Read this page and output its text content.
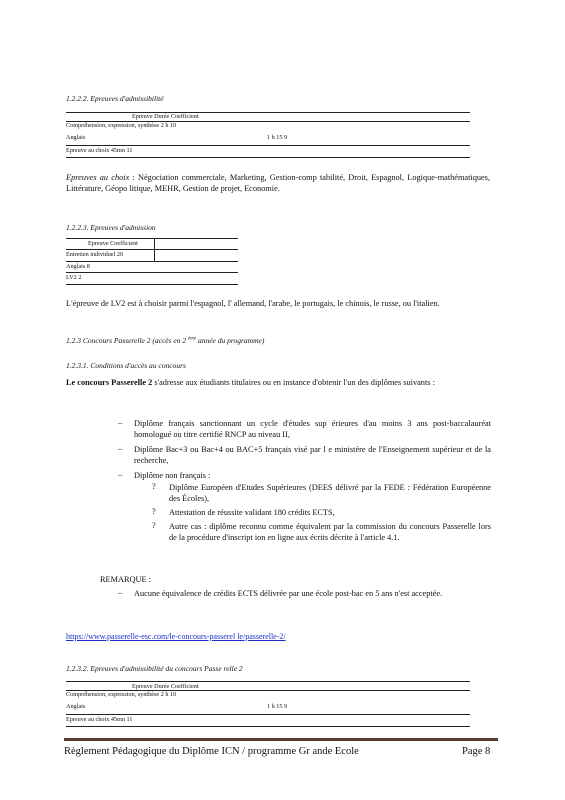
1.2.2.2. Epreuves d'admissibilité
Epreuve Durée Coefficient
Compréhension, expression, synthèse 2 h 10
Anglais	1 h 15 9
Epreuve au choix 45mn 11
Epreuves au choix : Négociation commerciale, Marketing, Gestion-comp tabilité, Droit, Espagnol, Logique-mathématiques, Littérature, Géopo litique, MEHR, Gestion de projet, Economie.
1.2.2.3. Epreuves d'admission
Epreuve Coefficient
Entretien individuel 20
Anglais 8
LV2 2
L'épreuve de LV2 est à choisir parmi l'espagnol, l' allemand, l'arabe, le portugais, le chinois, le russe, ou l'italien.
1.2.3 Concours Passerelle 2 (accès en 2 $^{ème}$ année du programme)
1.2.3.1. Conditions d'accès au concours
Le concours Passerelle 2 s'adresse aux étudiants titulaires ou en instance d'obtenir l'un des diplômes suivants :
– Diplôme français sanctionnant un cycle d'études sup érieures d'au moins 3 ans post-baccalauréat homologué ou titre certifié RNCP au niveau II,
– Diplôme Bac+3 ou Bac+4 ou BAC+5 français visé par l e ministère de l'Enseignement supérieur et de la recherche,
– Diplôme non français :
? Diplôme Européen d'Etudes Supérieures (DEES délivré par la FEDE : Fédération Européenne des Écoles),
? Attestation de réussite validant 180 crédits ECTS,
? Autre cas : diplôme reconnu comme équivalent par la commission du concours Passerelle lors de la procédure d'inscript ion en ligne aux écrits décrite à l'article 4.1.
REMARQUE :
– Aucune équivalence de crédits ECTS délivrée par une école post-bac en 5 ans n'est acceptée.
https://www.passerelle-esc.com/le-concours-passerel le/passerelle-2/
1.2.3.2. Epreuves d'admissibilité du concours Passe relle 2
Epreuve Durée Coefficient
Compréhension, expression, synthèse 2 h 10
Anglais	1 h 15 9
Epreuve au choix 45mn 11
Règlement Pédagogique du Diplôme ICN / programme Gr ande Ecole	Page 8
